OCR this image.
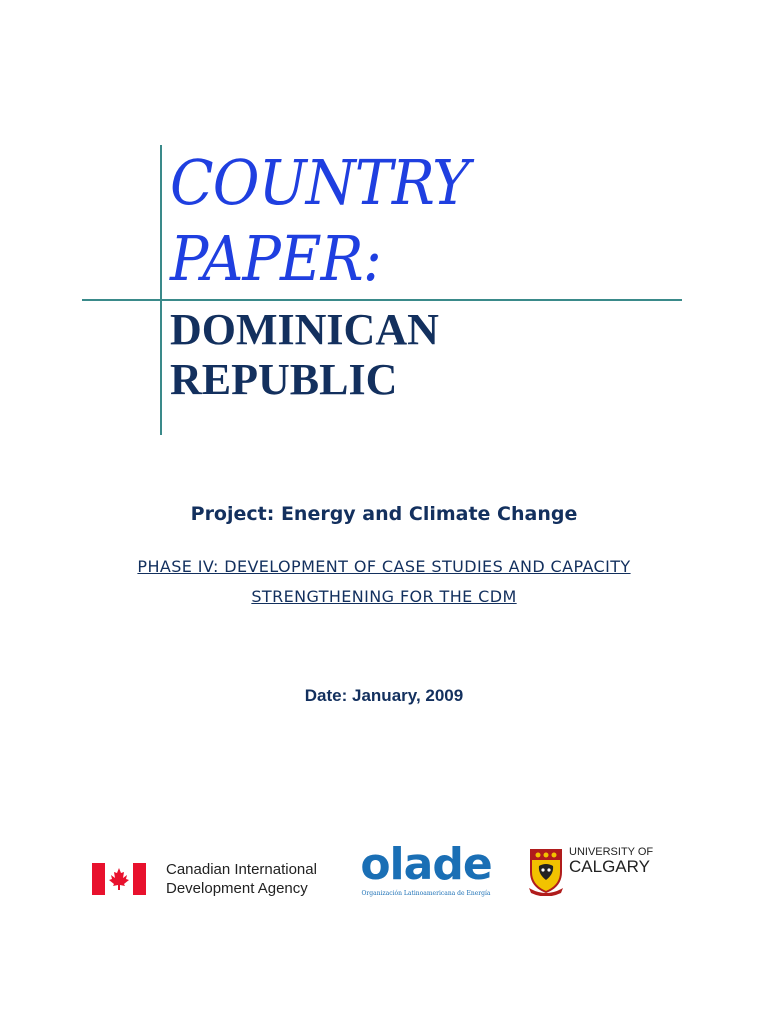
COUNTRY
PAPER:
DOMINICAN
REPUBLIC
Project: Energy and Climate Change
PHASE IV: DEVELOPMENT OF CASE STUDIES AND CAPACITY
STRENGTHENING FOR THE CDM
Date: January, 2009
Canadian International
Development Agency olade
Organización Latinoamericana de Energía
UNIVERSITY OF
CALGARY
